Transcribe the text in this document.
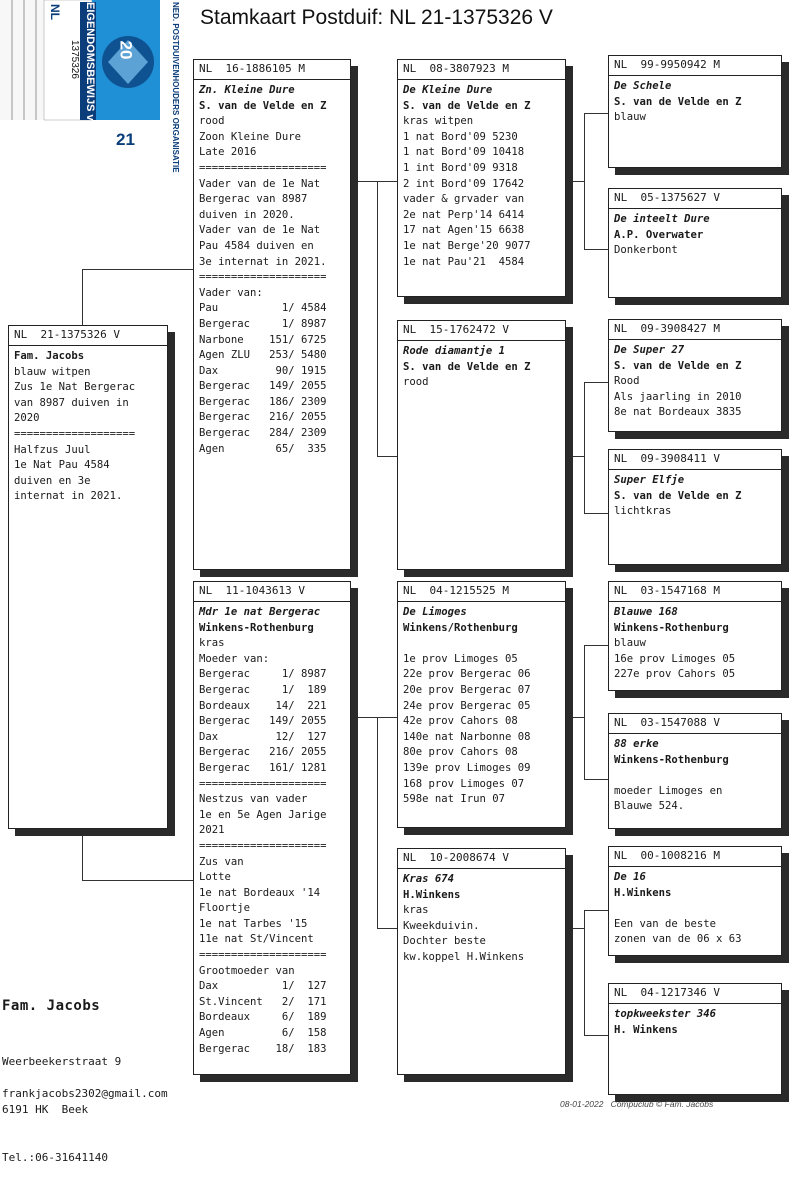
NED. POSTDUIVENHOUDERS ORGANISATIE
EIGENDOMSBEWIJS v/d RING 20
21
NL
1375326
Stamkaart Postduif: NL 21-1375326 V
NL  21-1375326 V
Fam. Jacobs
blauw witpen
Zus 1e Nat Bergerac
van 8987 duiven in
2020
===================
Halfzus Juul
1e Nat Pau 4584
duiven en 3e
internat in 2021.
NL  16-1886105 M
Zn. Kleine Dure
S. van de Velde en Z
rood
Zoon Kleine Dure
Late 2016
====================
Vader van de 1e Nat
Bergerac van 8987
duiven in 2020.
Vader van de 1e Nat
Pau 4584 duiven en
3e internat in 2021.
====================
Vader van:
Pau          1/ 4584
Bergerac     1/ 8987
Narbone    151/ 6725
Agen ZLU   253/ 5480
Dax         90/ 1915
Bergerac   149/ 2055
Bergerac   186/ 2309
Bergerac   216/ 2055
Bergerac   284/ 2309
Agen        65/  335
NL  11-1043613 V
Mdr 1e nat Bergerac
Winkens-Rothenburg
kras
Moeder van:
Bergerac     1/ 8987
Bergerac     1/  189
Bordeaux    14/  221
Bergerac   149/ 2055
Dax         12/  127
Bergerac   216/ 2055
Bergerac   161/ 1281
====================
Nestzus van vader
1e en 5e Agen Jarige
2021
====================
Zus van
Lotte
1e nat Bordeaux '14
Floortje
1e nat Tarbes '15
11e nat St/Vincent
====================
Grootmoeder van
Dax          1/  127
St.Vincent   2/  171
Bordeaux     6/  189
Agen         6/  158
Bergerac    18/  183
NL  08-3807923 M
De Kleine Dure
S. van de Velde en Z
kras witpen
1 nat Bord'09 5230
1 nat Bord'09 10418
1 int Bord'09 9318
2 int Bord'09 17642
vader & grvader van
2e nat Perp'14 6414
17 nat Agen'15 6638
1e nat Berge'20 9077
1e nat Pau'21  4584
NL  15-1762472 V
Rode diamantje 1
S. van de Velde en Z
rood
NL  04-1215525 M
De Limoges
Winkens/Rothenburg
1e prov Limoges 05
22e prov Bergerac 06
20e prov Bergerac 07
24e prov Bergerac 05
42e prov Cahors 08
140e nat Narbonne 08
80e prov Cahors 08
139e prov Limoges 09
168 prov Limoges 07
598e nat Irun 07
NL  10-2008674 V
Kras 674
H.Winkens
kras
Kweekduivin.
Dochter beste
kw.koppel H.Winkens
NL  99-9950942 M
De Schele
S. van de Velde en Z
blauw
NL  05-1375627 V
De inteelt Dure
A.P. Overwater
Donkerbont
NL  09-3908427 M
De Super 27
S. van de Velde en Z
Rood
Als jaarling in 2010
8e nat Bordeaux 3835
NL  09-3908411 V
Super Elfje
S. van de Velde en Z
lichtkras
NL  03-1547168 M
Blauwe 168
Winkens-Rothenburg
blauw
16e prov Limoges 05
227e prov Cahors 05
NL  03-1547088 V
88 erke
Winkens-Rothenburg
moeder Limoges en
Blauwe 524.
NL  00-1008216 M
De 16
H.Winkens
Een van de beste
zonen van de 06 x 63
NL  04-1217346 V
topkweekster 346
H. Winkens
Fam. Jacobs

Weerbeekerstraat 9

6191 HK  Beek

Tel.:06-31641140

frankjacobs2302@gmail.com
08-01-2022   Compuclub © Fam. Jacobs
